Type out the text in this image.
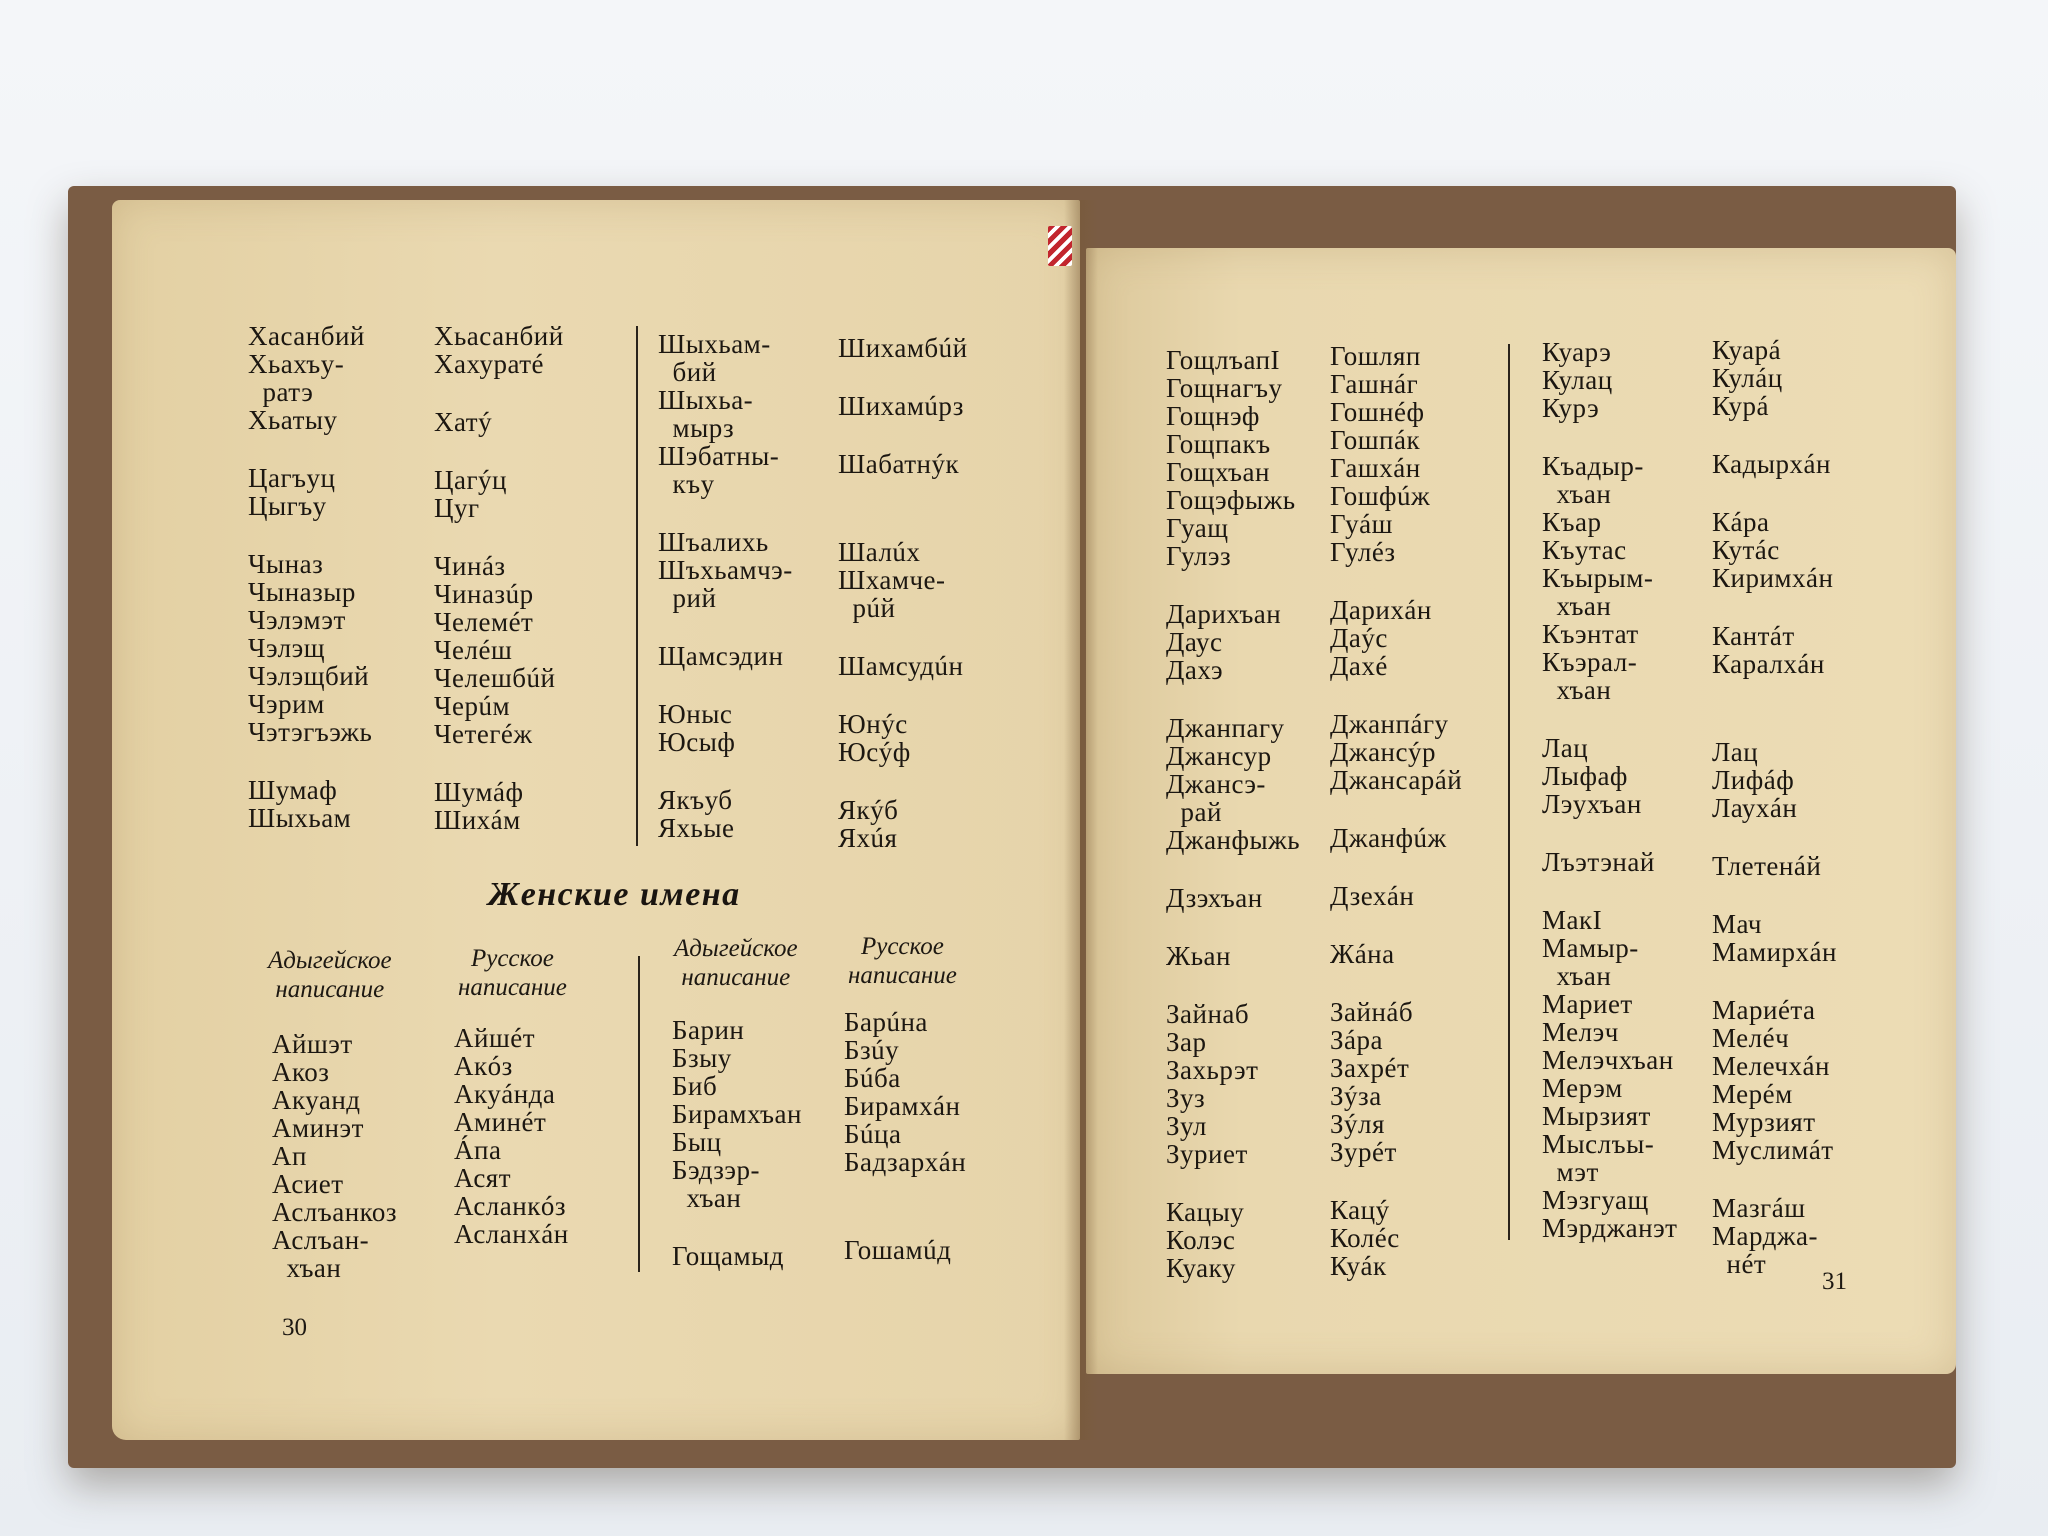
Хасанбий
Хьахъу-
ратэ
Хьатыу
Цагъуц
Цыгъу
Чыназ
Чыназыр
Чэлэмэт
Чэлэщ
Чэлэщбий
Чэрим
Чэтэгъэжь
Шумаф
Шыхьам
Хьасанбий
Хахуратé
Хатý
Цагýц
Цуг
Чинáз
Чиназúр
Челемéт
Челéш
Челешбúй
Черúм
Четегéж
Шумáф
Шихáм
Шыхьам-
бий
Шыхьа-
мырз
Шэбатны-
къу
Шъалихь
Шъхьамчэ-
рий
Щамсэдин
Юныс
Юсыф
Якъуб
Яхьые
Шихамбúй
Шихамúрз
Шабатнýк
Шалúх
Шхамче-
рúй
Шамсудúн
Юнýс
Юсýф
Якýб
Яхúя
Женские имена
Адыгейское
написание
Русское
написание
Адыгейское
написание
Русское
написание
Айшэт
Акоз
Акуанд
Аминэт
Ап
Асиет
Аслъанкоз
Аслъан-
хъан
Айшéт
Акóз
Акуáнда
Аминéт
Áпа
Асят
Асланкóз
Асланхáн
Барин
Бзыу
Биб
Бирамхъан
Быц
Бэдзэр-
хъан
Гощамыд
Барúна
Бзúу
Бúба
Бирамхáн
Бúца
Бадзархáн
Гошамúд
30
ГощлъапI
Гощнагъу
Гощнэф
Гощпакъ
Гощхъан
Гощэфыжь
Гуащ
Гулэз
Дарихъан
Даус
Дахэ
Джанпагу
Джансур
Джансэ-
рай
Джанфыжь
Дзэхъан
Жьан
Зайнаб
Зар
Захьрэт
Зуз
Зул
Зуриет
Кацыу
Колэс
Куаку
Гошляп
Гашнáг
Гошнéф
Гошпáк
Гашхáн
Гошфúж
Гуáш
Гулéз
Дарихáн
Даýс
Дахé
Джанпáгу
Джансýр
Джансарáй
Джанфúж
Дзехáн
Жáна
Зайнáб
Зáра
Захрéт
Зýза
Зýля
Зурéт
Кацý
Колéс
Куáк
Куарэ
Кулац
Курэ
Къадыр-
хъан
Къар
Къутас
Къырым-
хъан
Къэнтат
Къэрал-
хъан
Лац
Лыфаф
Лэухъан
Лъэтэнай
МакI
Мамыр-
хъан
Мариет
Мелэч
Мелэчхъан
Мерэм
Мырзият
Мыслъы-
мэт
Мэзгуащ
Мэрджанэт
Куарá
Кулáц
Курá
Кадырхáн
Кáра
Кутáс
Киримхáн
Кантáт
Каралхáн
Лац
Лифáф
Лаухáн
Тлетенáй
Мач
Мамирхáн
Мариéта
Мелéч
Мелечхáн
Мерéм
Мурзият
Муслимáт
Мазгáш
Марджа-
нéт
31
